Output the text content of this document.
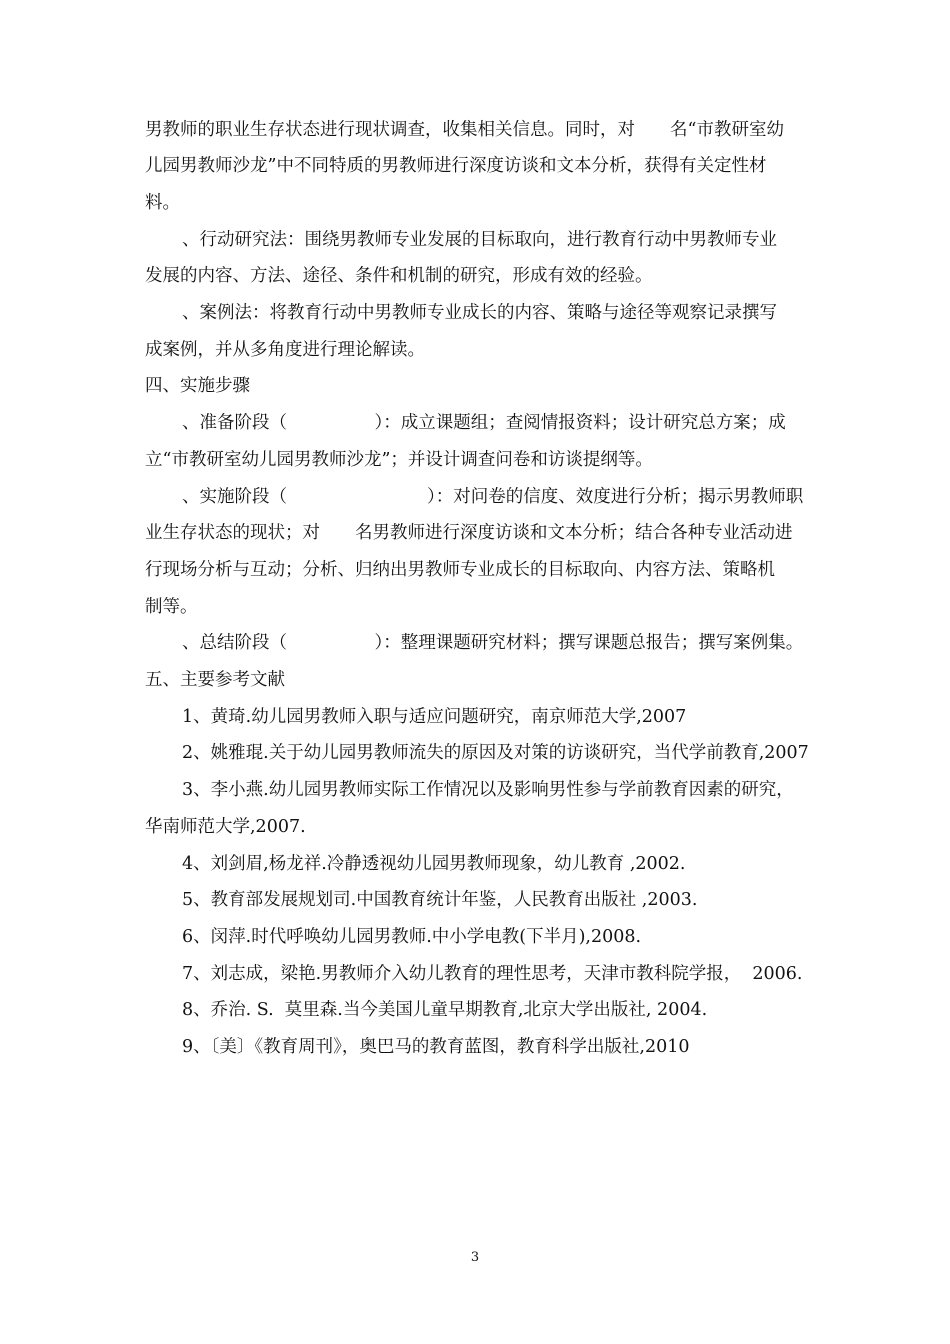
男教师的职业生存状态进行现状调查，收集相关信息。同时，对　　名“市教研室幼
儿园男教师沙龙”中不同特质的男教师进行深度访谈和文本分析，获得有关定性材
料。
、行动研究法：围绕男教师专业发展的目标取向，进行教育行动中男教师专业
发展的内容、方法、途径、条件和机制的研究，形成有效的经验。
、案例法：将教育行动中男教师专业成长的内容、策略与途径等观察记录撰写
成案例，并从多角度进行理论解读。
四、实施步骤
、准备阶段（　　　　　）：成立课题组；查阅情报资料；设计研究总方案；成
立“市教研室幼儿园男教师沙龙”；并设计调查问卷和访谈提纲等。
、实施阶段（　　　　　　　　）：对问卷的信度、效度进行分析；揭示男教师职
业生存状态的现状；对　　名男教师进行深度访谈和文本分析；结合各种专业活动进
行现场分析与互动；分析、归纳出男教师专业成长的目标取向、内容方法、策略机
制等。
、总结阶段（　　　　　）：整理课题研究材料；撰写课题总报告；撰写案例集。
五、主要参考文献
1、黄琦.幼儿园男教师入职与适应问题研究，南京师范大学,2007
2、姚雅琨.关于幼儿园男教师流失的原因及对策的访谈研究，当代学前教育,2007
3、李小燕.幼儿园男教师实际工作情况以及影响男性参与学前教育因素的研究，
华南师范大学,2007.
4、刘剑眉,杨龙祥.冷静透视幼儿园男教师现象，幼儿教育 ,2002.
5、教育部发展规划司.中国教育统计年鉴，人民教育出版社 ,2003.
6、闵萍.时代呼唤幼儿园男教师.中小学电教(下半月),2008.
7、刘志成，梁艳.男教师介入幼儿教育的理性思考，天津市教科院学报，  2006.
8、乔治. S.  莫里森.当今美国儿童早期教育,北京大学出版社, 2004.
9、〔美〕《教育周刊》，奥巴马的教育蓝图，教育科学出版社,2010
3
